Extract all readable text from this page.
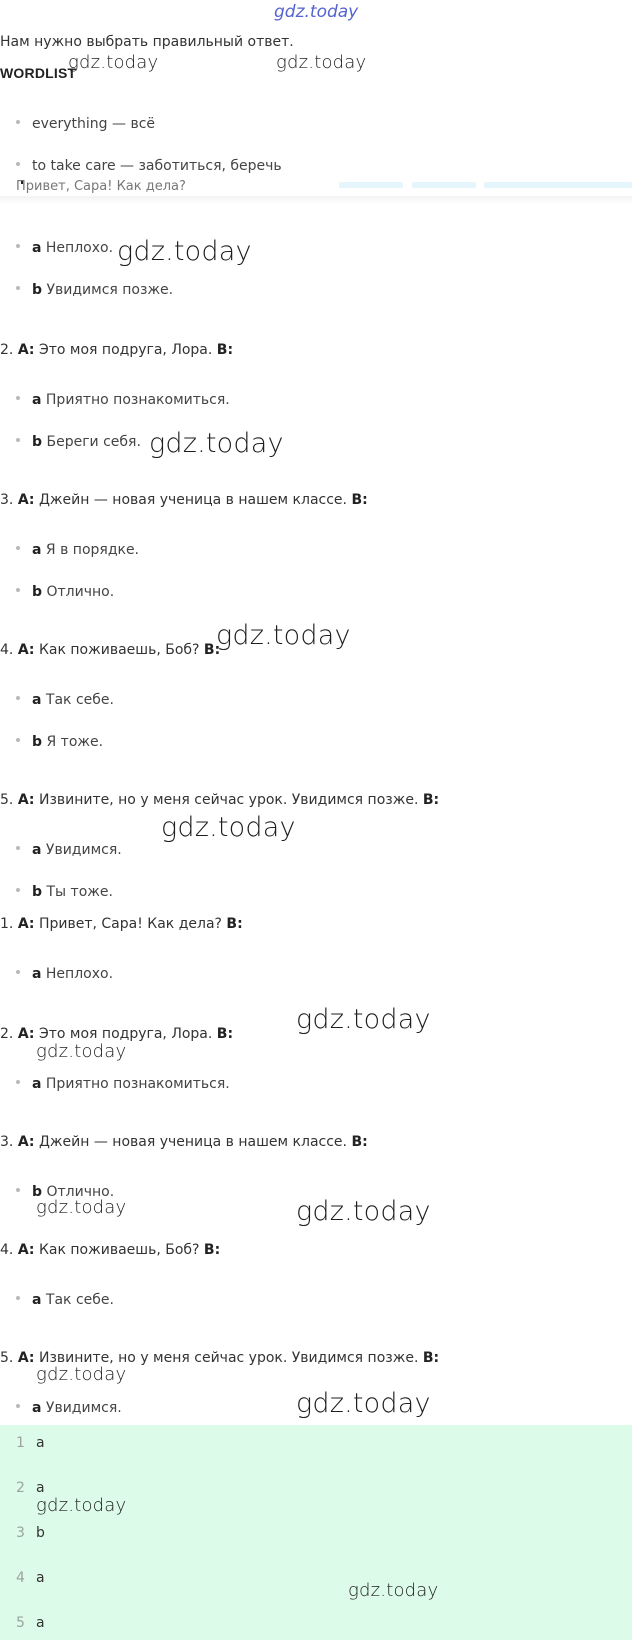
gdz.today
Нам нужно выбрать правильный ответ.
WORDLIST
gdz.today	gdz.today
everything — всё
to take care — заботиться, беречь
Привет, Сара! Как дела?
a Неплохо. gdz.today
b Увидимся позже.
2. A: Это моя подруга, Лора. B:
a Приятно познакомиться.
b Береги себя. gdz.today
3. A: Джейн — новая ученица в нашем классе. B:
a Я в порядке.
b Отлично.
4. A: Как поживаешь, Боб? B:
gdz.today
a Так себе.
b Я тоже.
5. A: Извините, но у меня сейчас урок. Увидимся позже. B:
gdz.today
a Увидимся.
b Ты тоже.
1. A: Привет, Сара! Как дела? B:
a Неплохо.
2. A: Это моя подруга, Лора. B: gdz.today
gdz.today
a Приятно познакомиться.
3. A: Джейн — новая ученица в нашем классе. B:
b Отлично.
gdz.today	gdz.today
4. A: Как поживаешь, Боб? B:
a Так себе.
5. A: Извините, но у меня сейчас урок. Увидимся позже. B:
gdz.today
a Увидимся.	gdz.today
1 a
2 a
3 b
4 a
5 a
gdz.today
gdz.today
